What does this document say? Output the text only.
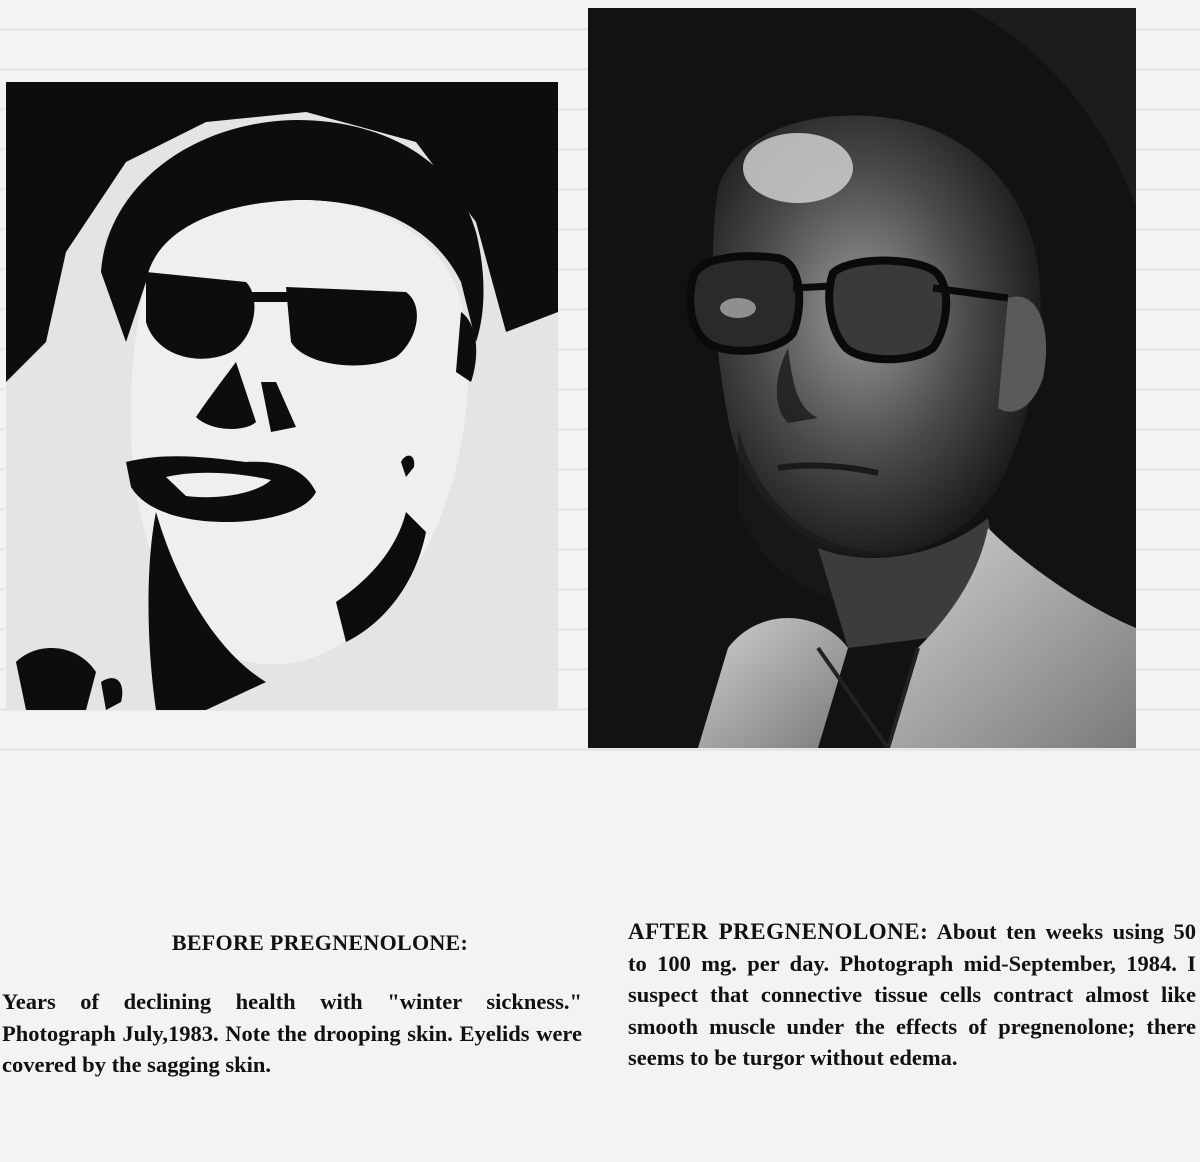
BEFORE PREGNENOLONE:

Years of declining health with "winter sickness." Photograph July,1983. Note the drooping skin. Eyelids were covered by the sagging skin.

AFTER PREGNENOLONE: About ten weeks using 50 to 100 mg. per day. Photograph mid-September, 1984. I suspect that connective tissue cells contract almost like smooth muscle under the effects of pregnenolone; there seems to be turgor without edema.
